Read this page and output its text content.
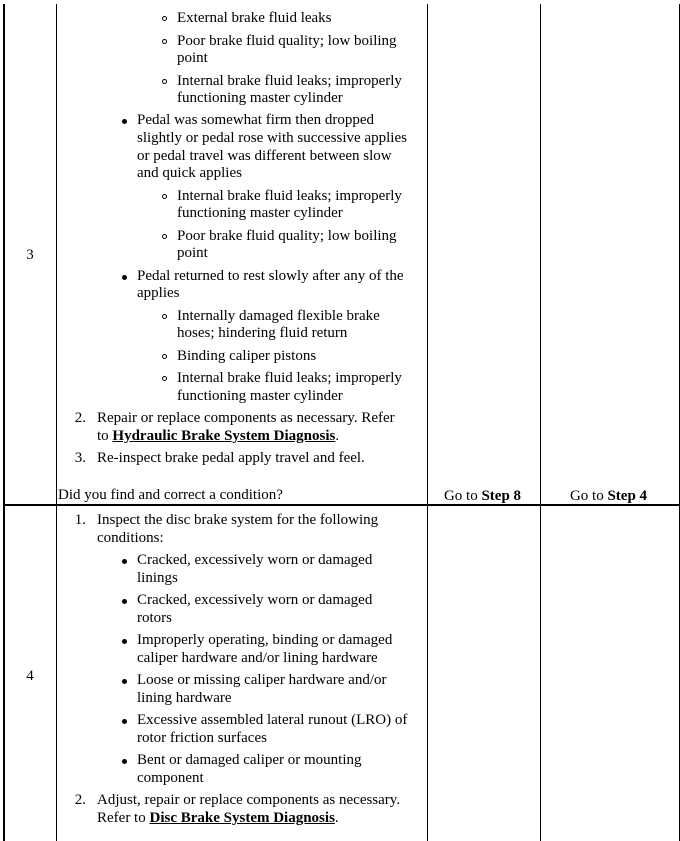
3
External brake fluid leaks
Poor brake fluid quality; low boiling
point
Internal brake fluid leaks; improperly
functioning master cylinder
Pedal was somewhat firm then dropped
slightly or pedal rose with successive applies
or pedal travel was different between slow
and quick applies
Internal brake fluid leaks; improperly
functioning master cylinder
Poor brake fluid quality; low boiling
point
Pedal returned to rest slowly after any of the
applies
Internally damaged flexible brake
hoses; hindering fluid return
Binding caliper pistons
Internal brake fluid leaks; improperly
functioning master cylinder
2. Repair or replace components as necessary. Refer
to Hydraulic Brake System Diagnosis.
3. Re-inspect brake pedal apply travel and feel.
Did you find and correct a condition?	Go to Step 8	Go to Step 4
4
1. Inspect the disc brake system for the following
conditions:
Cracked, excessively worn or damaged
linings
Cracked, excessively worn or damaged
rotors
Improperly operating, binding or damaged
caliper hardware and/or lining hardware
Loose or missing caliper hardware and/or
lining hardware
Excessive assembled lateral runout (LRO) of
rotor friction surfaces
Bent or damaged caliper or mounting
component
2. Adjust, repair or replace components as necessary.
Refer to Disc Brake System Diagnosis.
